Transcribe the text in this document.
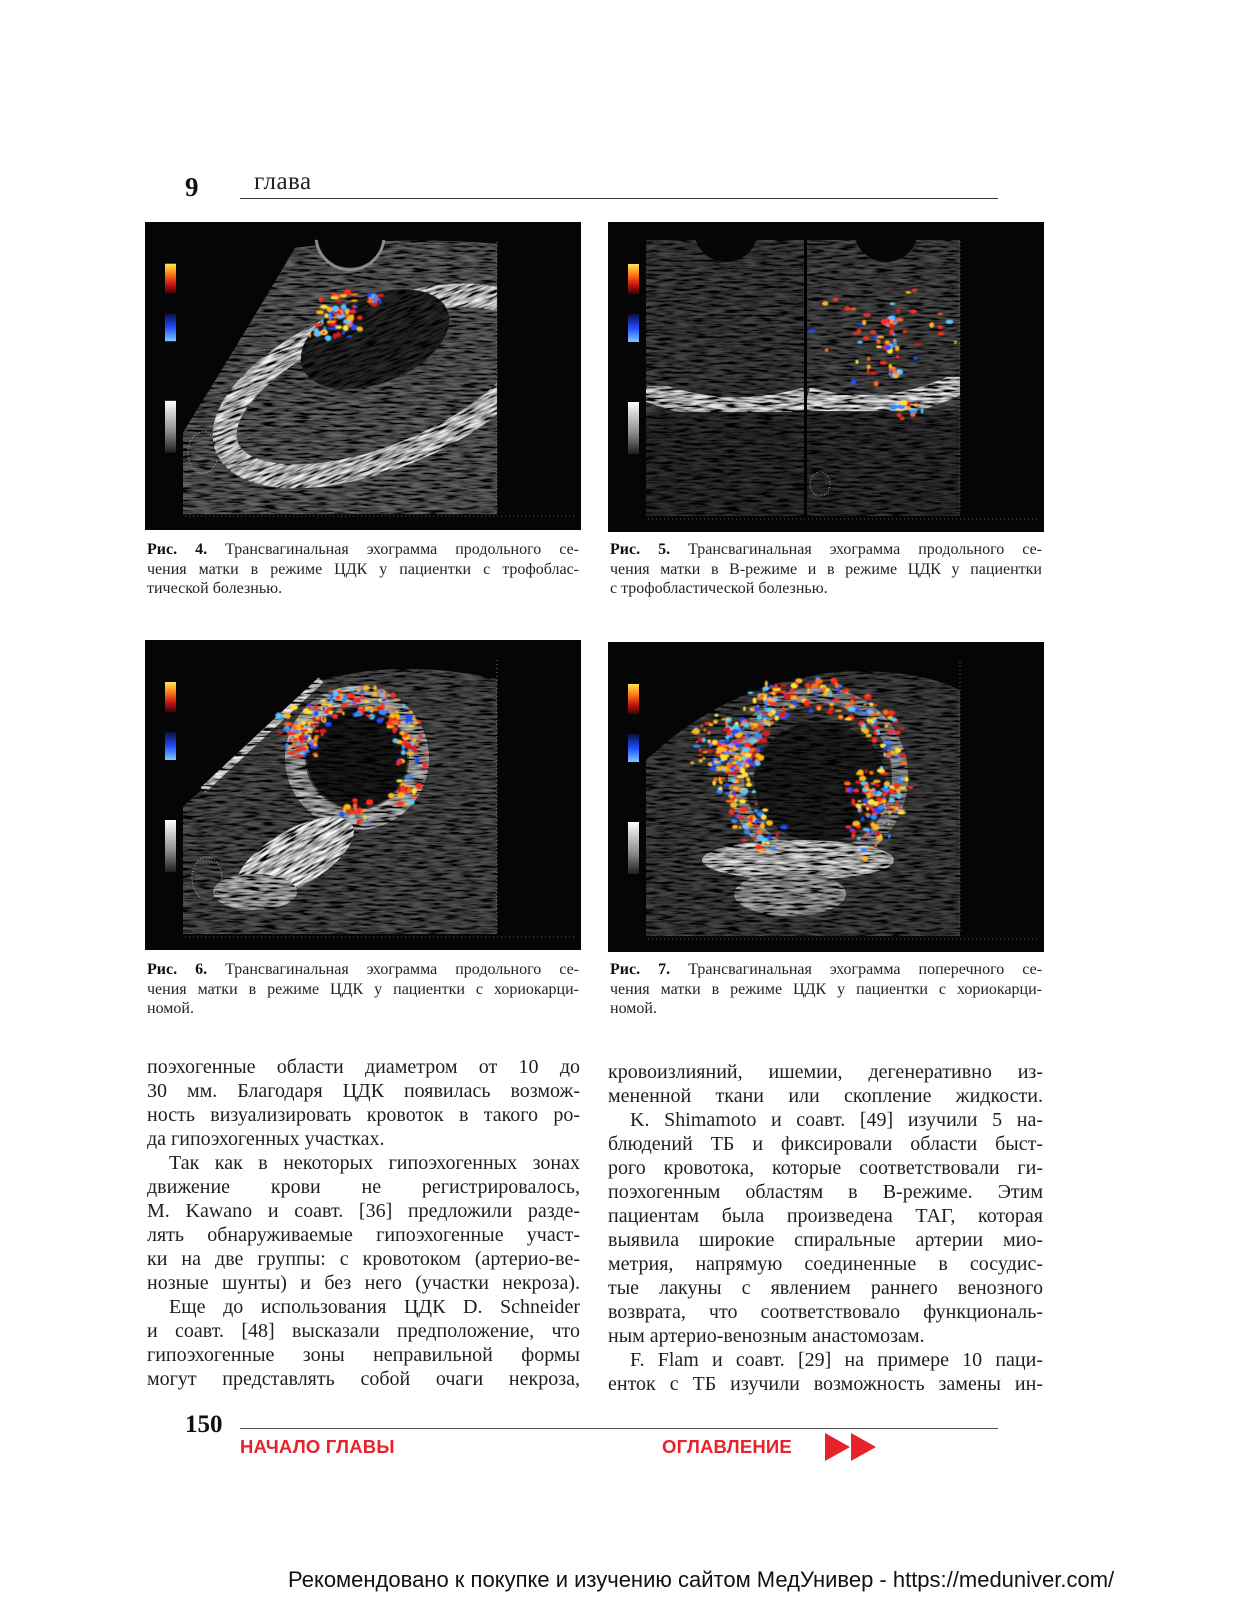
9 глава
Рис. 4. Трансвагинальная эхограмма продольного се-
чения матки в режиме ЦДК у пациентки с трофоблас-
тической болезнью.
Рис. 5. Трансвагинальная эхограмма продольного се-
чения матки в В-режиме и в режиме ЦДК у пациентки
с трофобластической болезнью.
Рис. 6. Трансвагинальная эхограмма продольного се-
чения матки в режиме ЦДК у пациентки с хориокарци-
номой.
Рис. 7. Трансвагинальная эхограмма поперечного се-
чения матки в режиме ЦДК у пациентки с хориокарци-
номой.
поэхогенные области диаметром от 10 до
30 мм. Благодаря ЦДК появилась возмож-
ность визуализировать кровоток в такого ро-
да гипоэхогенных участках.
Так как в некоторых гипоэхогенных зонах
движение крови не регистрировалось,
M. Kawano и соавт. [36] предложили разде-
лять обнаруживаемые гипоэхогенные участ-
ки на две группы: с кровотоком (артерио-ве-
нозные шунты) и без него (участки некроза).
Еще до использования ЦДК D. Schneider
и соавт. [48] высказали предположение, что
гипоэхогенные зоны неправильной формы
могут представлять собой очаги некроза,
кровоизлияний, ишемии, дегенеративно из-
мененной ткани или скопление жидкости.
K. Shimamoto и соавт. [49] изучили 5 на-
блюдений ТБ и фиксировали области быст-
рого кровотока, которые соответствовали ги-
поэхогенным областям в В-режиме. Этим
пациентам была произведена ТАГ, которая
выявила широкие спиральные артерии мио-
метрия, напрямую соединенные в сосудис-
тые лакуны с явлением раннего венозного
возврата, что соответствовало функциональ-
ным артерио-венозным анастомозам.
F. Flam и соавт. [29] на примере 10 паци-
енток с ТБ изучили возможность замены ин-
150
НАЧАЛО ГЛАВЫ	ОГЛАВЛЕНИЕ
Рекомендовано к покупке и изучению сайтом МедУнивер - https://meduniver.com/
